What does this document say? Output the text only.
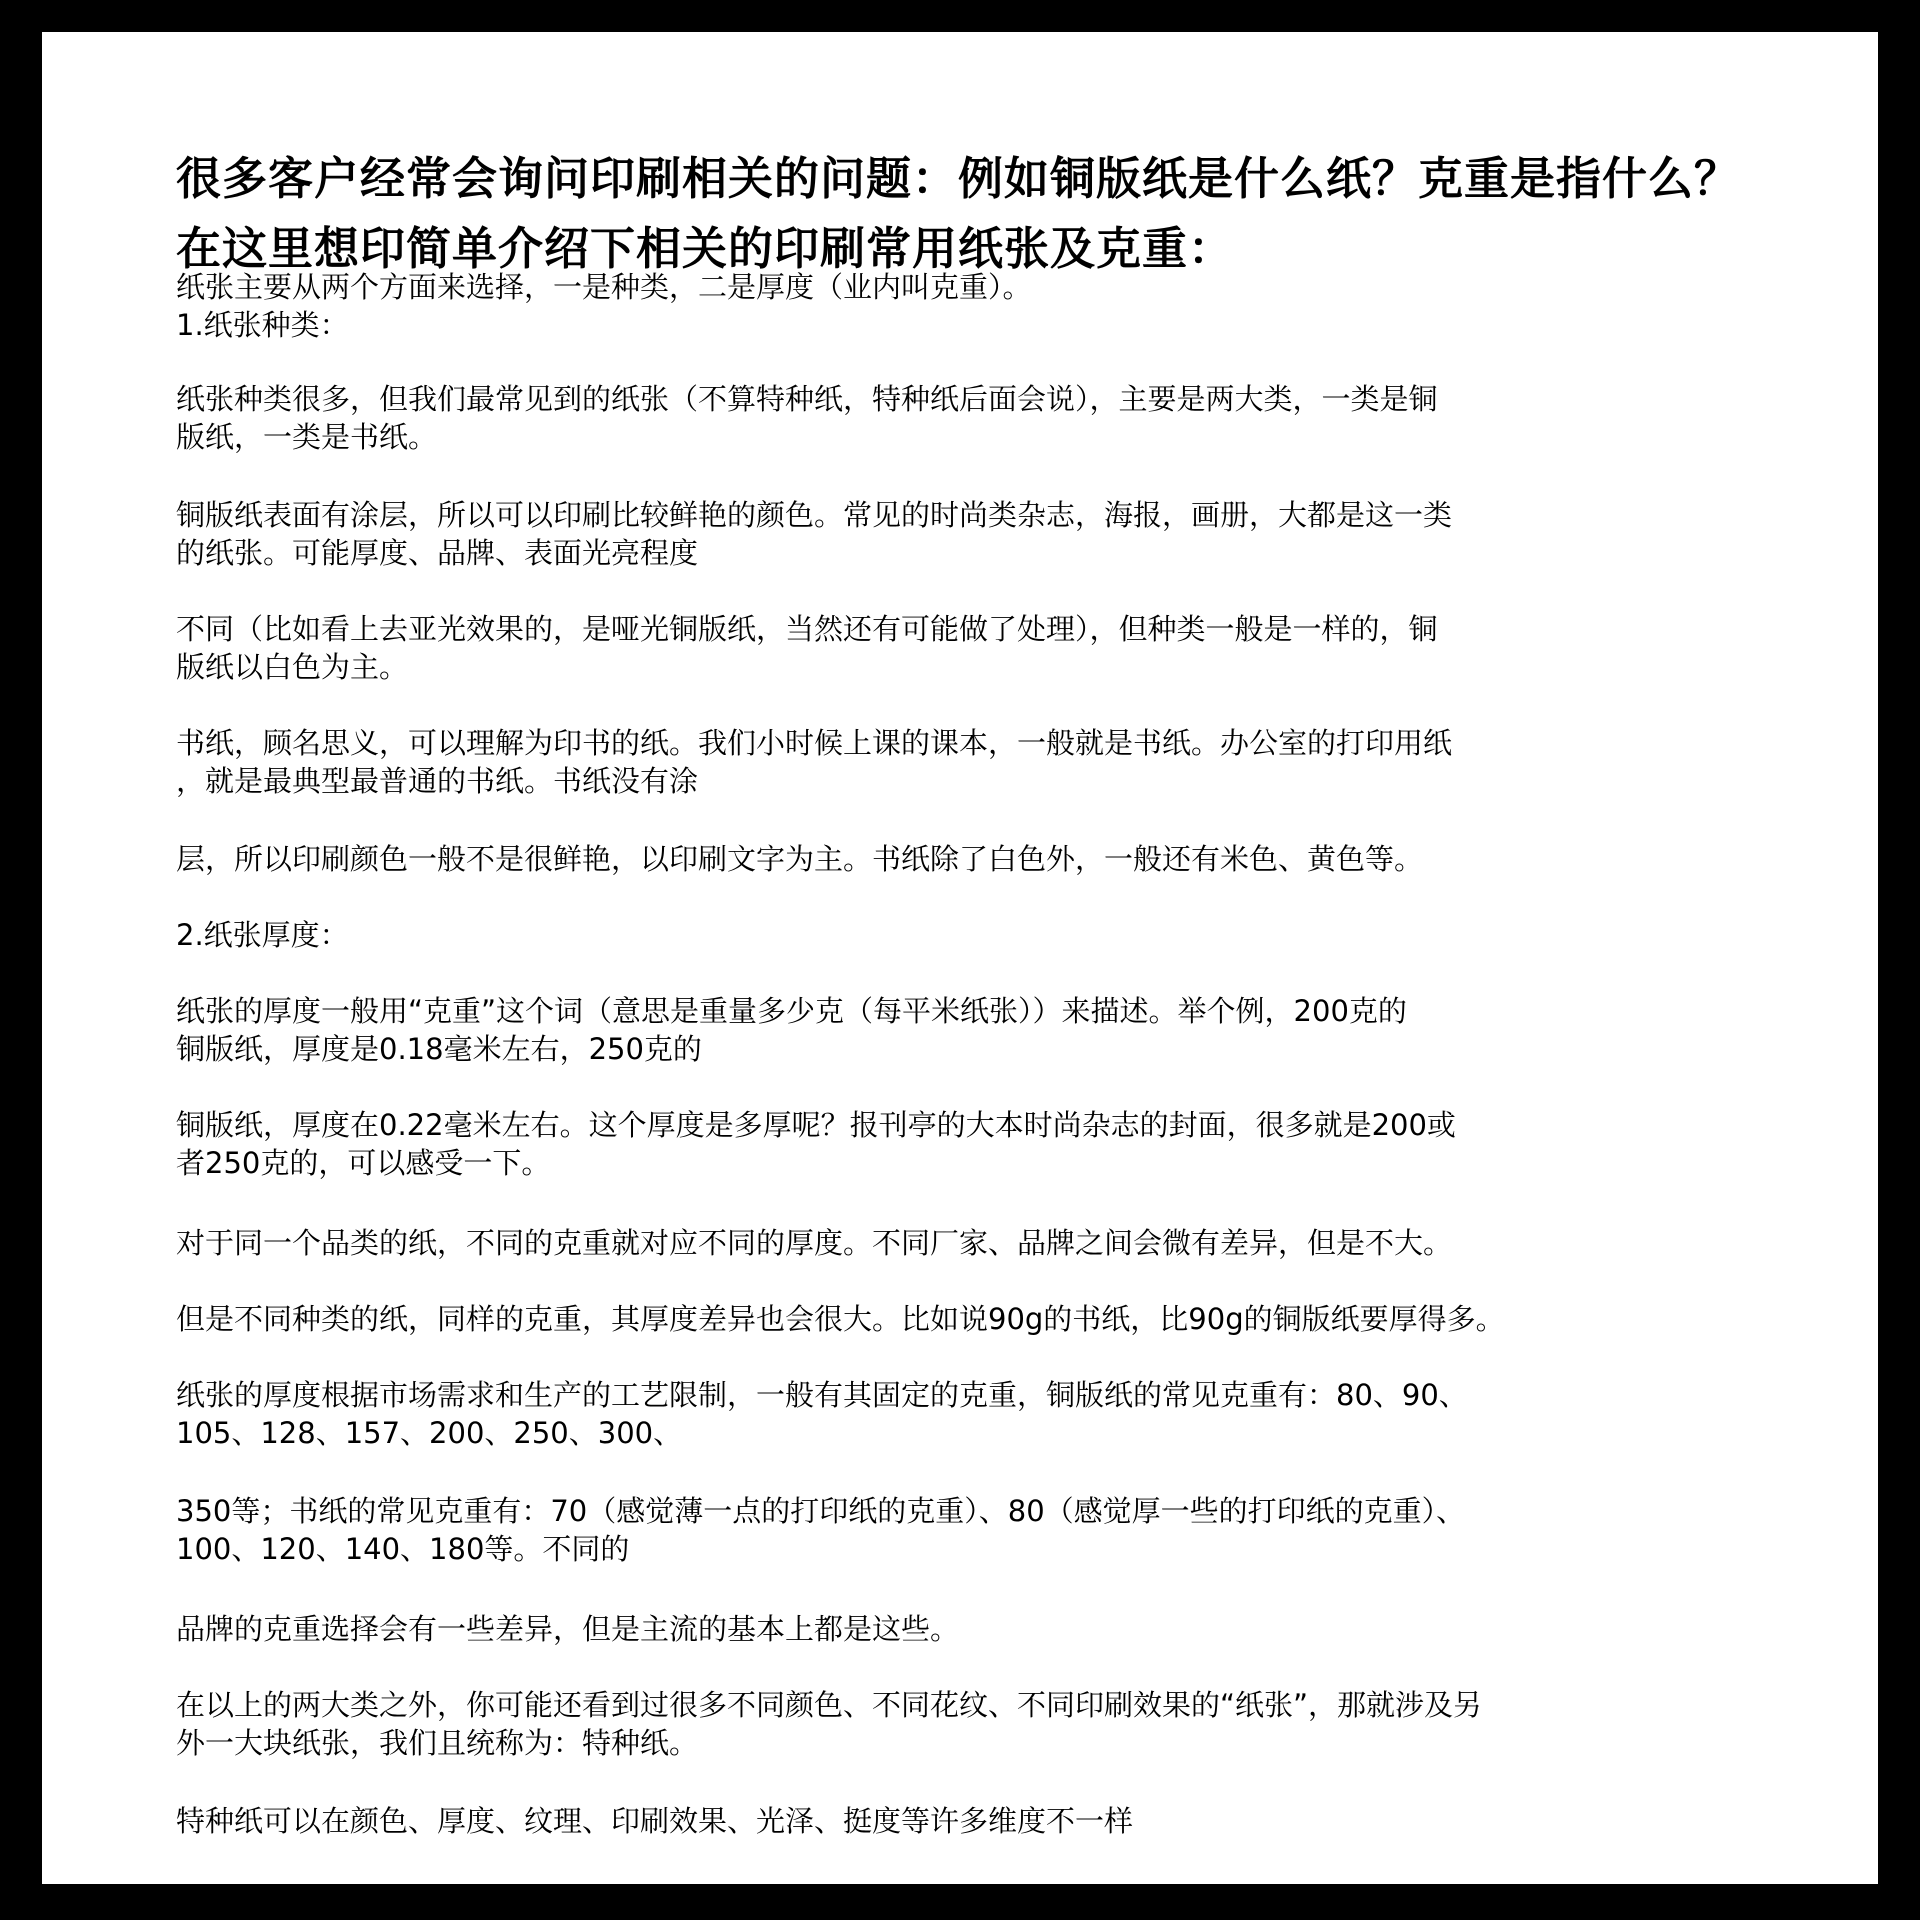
很多客户经常会询问印刷相关的问题：例如铜版纸是什么纸？克重是指什么？
在这里想印简单介绍下相关的印刷常用纸张及克重：

纸张主要从两个方面来选择，一是种类，二是厚度（业内叫克重）。
1.纸张种类：

纸张种类很多，但我们最常见到的纸张（不算特种纸，特种纸后面会说），主要是两大类，一类是铜
版纸，一类是书纸。

铜版纸表面有涂层，所以可以印刷比较鲜艳的颜色。常见的时尚类杂志，海报，画册，大都是这一类
的纸张。可能厚度、品牌、表面光亮程度

不同（比如看上去亚光效果的，是哑光铜版纸，当然还有可能做了处理），但种类一般是一样的，铜
版纸以白色为主。

书纸，顾名思义，可以理解为印书的纸。我们小时候上课的课本，一般就是书纸。办公室的打印用纸
，就是最典型最普通的书纸。书纸没有涂

层，所以印刷颜色一般不是很鲜艳，以印刷文字为主。书纸除了白色外，一般还有米色、黄色等。

2.纸张厚度：

纸张的厚度一般用“克重”这个词（意思是重量多少克（每平米纸张））来描述。举个例，200克的
铜版纸，厚度是0.18毫米左右，250克的

铜版纸，厚度在0.22毫米左右。这个厚度是多厚呢？报刊亭的大本时尚杂志的封面，很多就是200或
者250克的，可以感受一下。

对于同一个品类的纸，不同的克重就对应不同的厚度。不同厂家、品牌之间会微有差异，但是不大。

但是不同种类的纸，同样的克重，其厚度差异也会很大。比如说90g的书纸，比90g的铜版纸要厚得多。

纸张的厚度根据市场需求和生产的工艺限制，一般有其固定的克重，铜版纸的常见克重有：80、90、
105、128、157、200、250、300、

350等；书纸的常见克重有：70（感觉薄一点的打印纸的克重）、80（感觉厚一些的打印纸的克重）、
100、120、140、180等。不同的

品牌的克重选择会有一些差异，但是主流的基本上都是这些。

在以上的两大类之外，你可能还看到过很多不同颜色、不同花纹、不同印刷效果的“纸张”，那就涉及另
外一大块纸张，我们且统称为：特种纸。

特种纸可以在颜色、厚度、纹理、印刷效果、光泽、挺度等许多维度不一样
